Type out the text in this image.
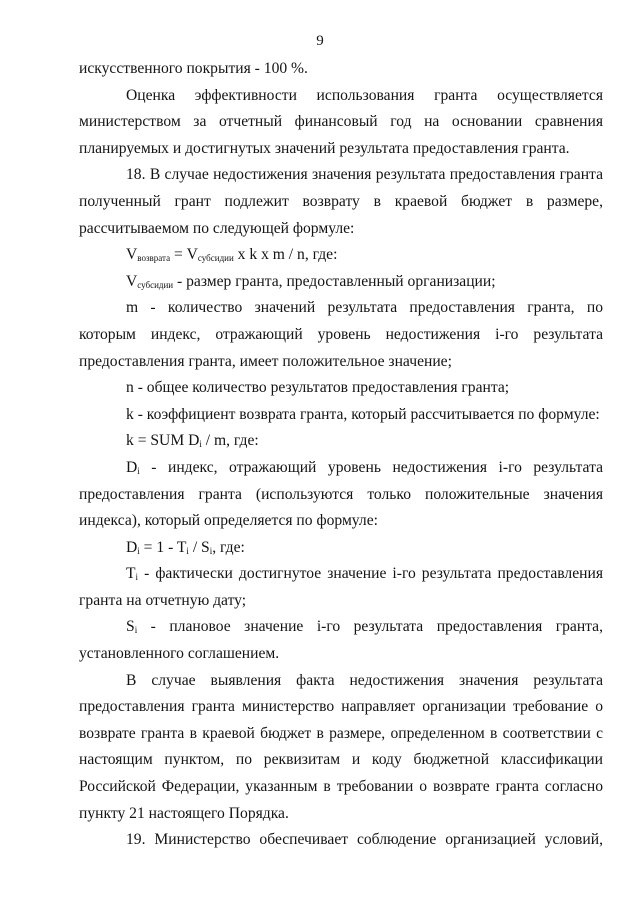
9

искусственного покрытия - 100 %.

Оценка эффективности использования гранта осуществляется министерством за отчетный финансовый год на основании сравнения планируемых и достигнутых значений результата предоставления гранта.

18. В случае недостижения значения результата предоставления гранта полученный грант подлежит возврату в краевой бюджет в размере, рассчитываемом по следующей формуле:

$V_{возврата} = V_{субсидии}$ x k x m / n, где:

$V_{субсидии}$ - размер гранта, предоставленный организации;

m - количество значений результата предоставления гранта, по которым индекс, отражающий уровень недостижения i-го результата предоставления гранта, имеет положительное значение;

n - общее количество результатов предоставления гранта;

k - коэффициент возврата гранта, который рассчитывается по формуле:

k = SUM $D_i$ / m, где:

$D_i$ - индекс, отражающий уровень недостижения i-го результата предоставления гранта (используются только положительные значения индекса), который определяется по формуле:

$D_i = 1 - T_i / S_i$, где:

$T_i$ - фактически достигнутое значение i-го результата предоставления гранта на отчетную дату;

$S_i$ - плановое значение i-го результата предоставления гранта, установленного соглашением.

В случае выявления факта недостижения значения результата предоставления гранта министерство направляет организации требование о возврате гранта в краевой бюджет в размере, определенном в соответствии с настоящим пунктом, по реквизитам и коду бюджетной классификации Российской Федерации, указанным в требовании о возврате гранта согласно пункту 21 настоящего Порядка.

19. Министерство обеспечивает соблюдение организацией условий,
